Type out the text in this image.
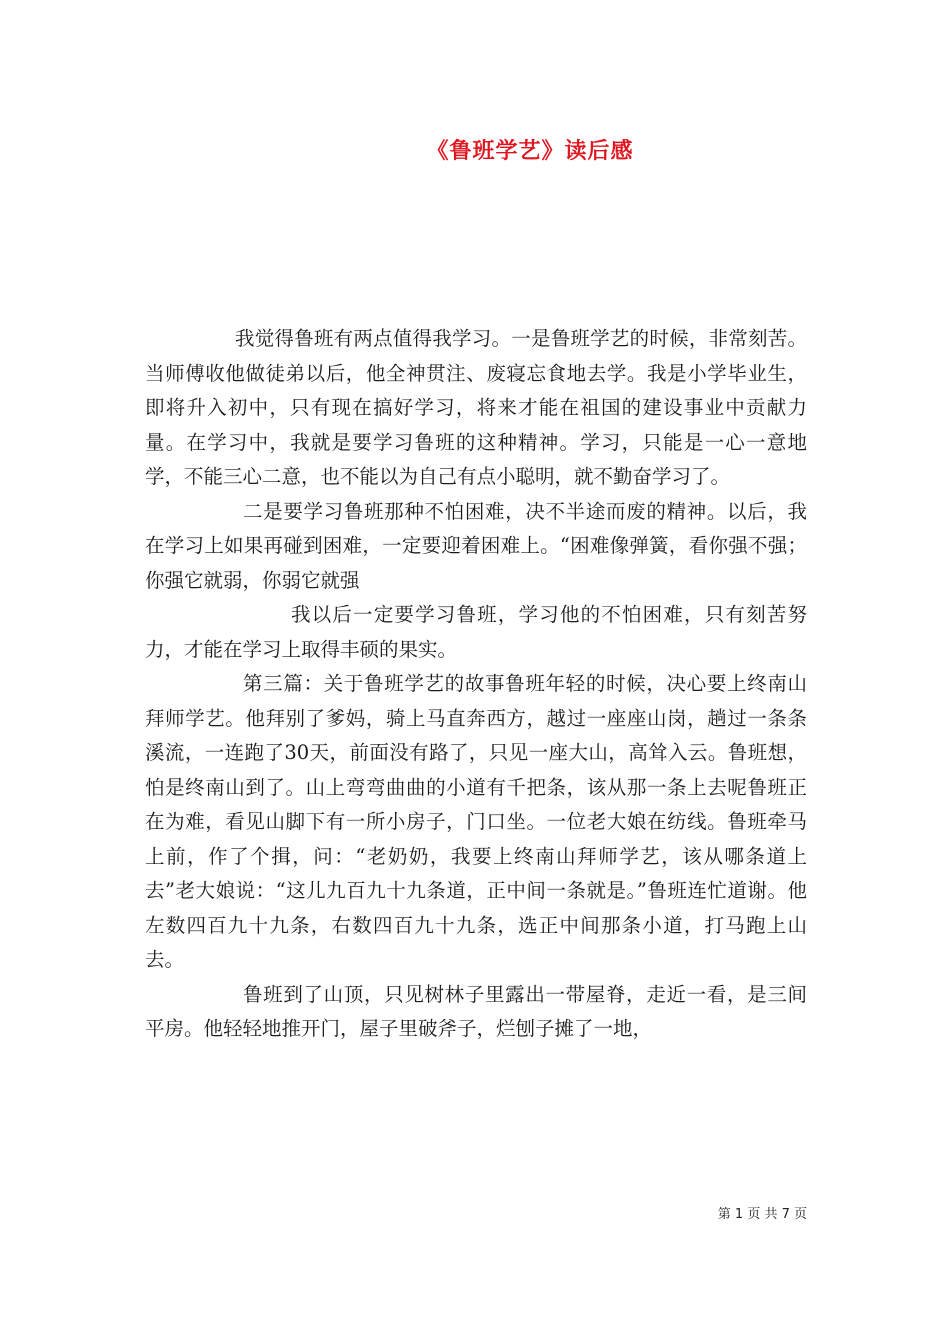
《鲁班学艺》读后感

我觉得鲁班有两点值得我学习。一是鲁班学艺的时候，非常刻苦。当师傅收他做徒弟以后，他全神贯注、废寝忘食地去学。我是小学毕业生，即将升入初中，只有现在搞好学习，将来才能在祖国的建设事业中贡献力量。在学习中，我就是要学习鲁班的这种精神。学习，只能是一心一意地学，不能三心二意，也不能以为自己有点小聪明，就不勤奋学习了。

二是要学习鲁班那种不怕困难，决不半途而废的精神。以后，我在学习上如果再碰到困难，一定要迎着困难上。“困难像弹簧，看你强不强；你强它就弱，你弱它就强

我以后一定要学习鲁班，学习他的不怕困难，只有刻苦努力，才能在学习上取得丰硕的果实。

第三篇：关于鲁班学艺的故事鲁班年轻的时候，决心要上终南山拜师学艺。他拜别了爹妈，骑上马直奔西方，越过一座座山岗，趟过一条条溪流，一连跑了30天，前面没有路了，只见一座大山，高耸入云。鲁班想，怕是终南山到了。山上弯弯曲曲的小道有千把条，该从那一条上去呢鲁班正在为难，看见山脚下有一所小房子，门口坐。一位老大娘在纺线。鲁班牵马上前，作了个揖，问：“老奶奶，我要上终南山拜师学艺，该从哪条道上去”老大娘说：“这儿九百九十九条道，正中间一条就是。”鲁班连忙道谢。他左数四百九十九条，右数四百九十九条，选正中间那条小道，打马跑上山去。

鲁班到了山顶，只见树林子里露出一带屋脊，走近一看，是三间平房。他轻轻地推开门，屋子里破斧子，烂刨子摊了一地，

第 1 页 共 7 页
